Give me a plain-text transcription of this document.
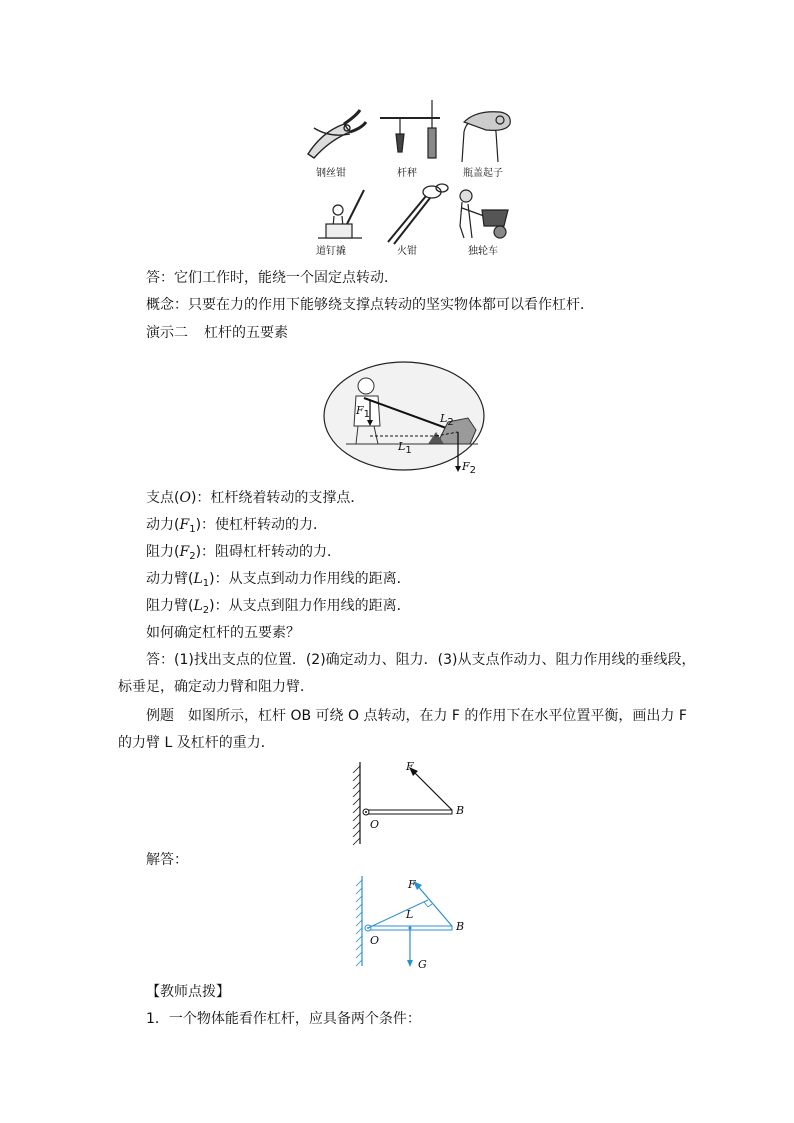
钢丝钳	杆秤	瓶盖起子
道钉撬	火钳	独轮车
答：它们工作时，能绕一个固定点转动．
概念：只要在力的作用下能够绕支撑点转动的坚实物体都可以看作杠杆．
演示二 杠杆的五要素
F1
L1
L2
F2
支点(O)：杠杆绕着转动的支撑点．
动力$(F_1)$：使杠杆转动的力．
阻力$(F_2)$：阻碍杠杆转动的力．
动力臂$(L_1)$：从支点到动力作用线的距离．
阻力臂$(L_2)$：从支点到阻力作用线的距离．
如何确定杠杆的五要素？
答：(1)找出支点的位置．(2)确定动力、阻力．(3)从支点作动力、阻力作用线的垂线段，
标垂足，确定动力臂和阻力臂．
例题　如图所示，杠杆 OB 可绕 O 点转动，在力 F 的作用下在水平位置平衡，画出力 F
的力臂 L 及杠杆的重力．
F
O
B
解答：
F
L
O
B
G
【教师点拨】
1．一个物体能看作杠杆，应具备两个条件：
